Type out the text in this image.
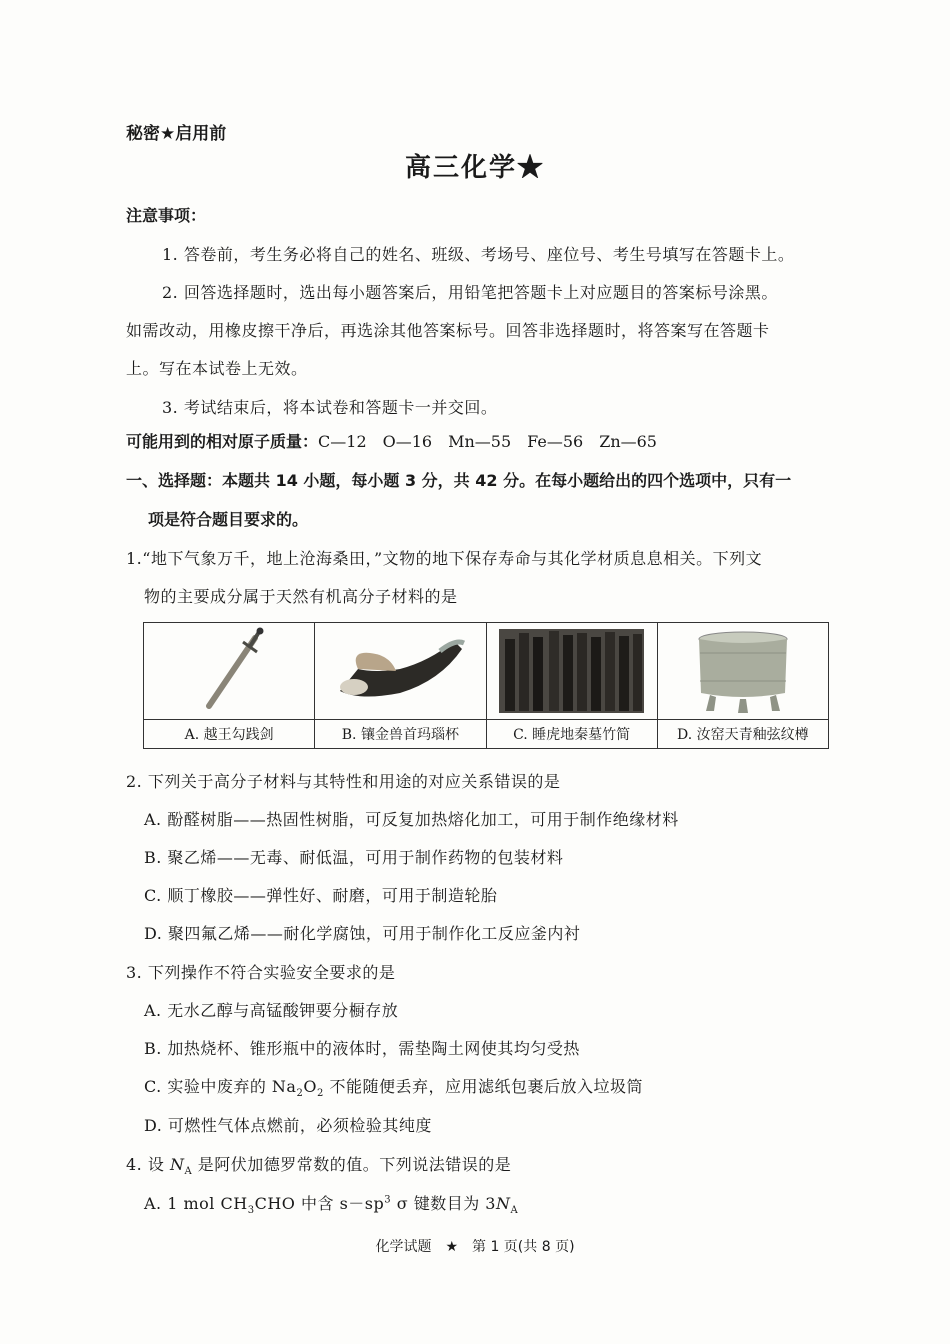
秘密★启用前
高三化学★
注意事项：
1. 答卷前，考生务必将自己的姓名、班级、考场号、座位号、考生号填写在答题卡上。
2. 回答选择题时，选出每小题答案后，用铅笔把答题卡上对应题目的答案标号涂黑。
如需改动，用橡皮擦干净后，再选涂其他答案标号。回答非选择题时，将答案写在答题卡
上。写在本试卷上无效。
3. 考试结束后，将本试卷和答题卡一并交回。
可能用到的相对原子质量：C—12　O—16　Mn—55　Fe—56　Zn—65
一、选择题：本题共 14 小题，每小题 3 分，共 42 分。在每小题给出的四个选项中，只有一
项是符合题目要求的。
1.“地下气象万千，地上沧海桑田，”文物的地下保存寿命与其化学材质息息相关。下列文
物的主要成分属于天然有机高分子材料的是

A. 越王勾践剑	B. 镶金兽首玛瑙杯	C. 睡虎地秦墓竹简	D. 汝窑天青釉弦纹樽
2. 下列关于高分子材料与其特性和用途的对应关系错误的是
A. 酚醛树脂——热固性树脂，可反复加热熔化加工，可用于制作绝缘材料
B. 聚乙烯——无毒、耐低温，可用于制作药物的包装材料
C. 顺丁橡胶——弹性好、耐磨，可用于制造轮胎
D. 聚四氟乙烯——耐化学腐蚀，可用于制作化工反应釜内衬
3. 下列操作不符合实验安全要求的是
A. 无水乙醇与高锰酸钾要分橱存放
B. 加热烧杯、锥形瓶中的液体时，需垫陶土网使其均匀受热
C. 实验中废弃的 $Na_2O_2$ 不能随便丢弃，应用滤纸包裹后放入垃圾筒
D. 可燃性气体点燃前，必须检验其纯度
4. 设 $N_A$ 是阿伏加德罗常数的值。下列说法错误的是
A. 1 mol $CH_3CHO$ 中含 $s-sp^3$ σ 键数目为 $3N_A$
化学试题　★　第 1 页(共 8 页)
